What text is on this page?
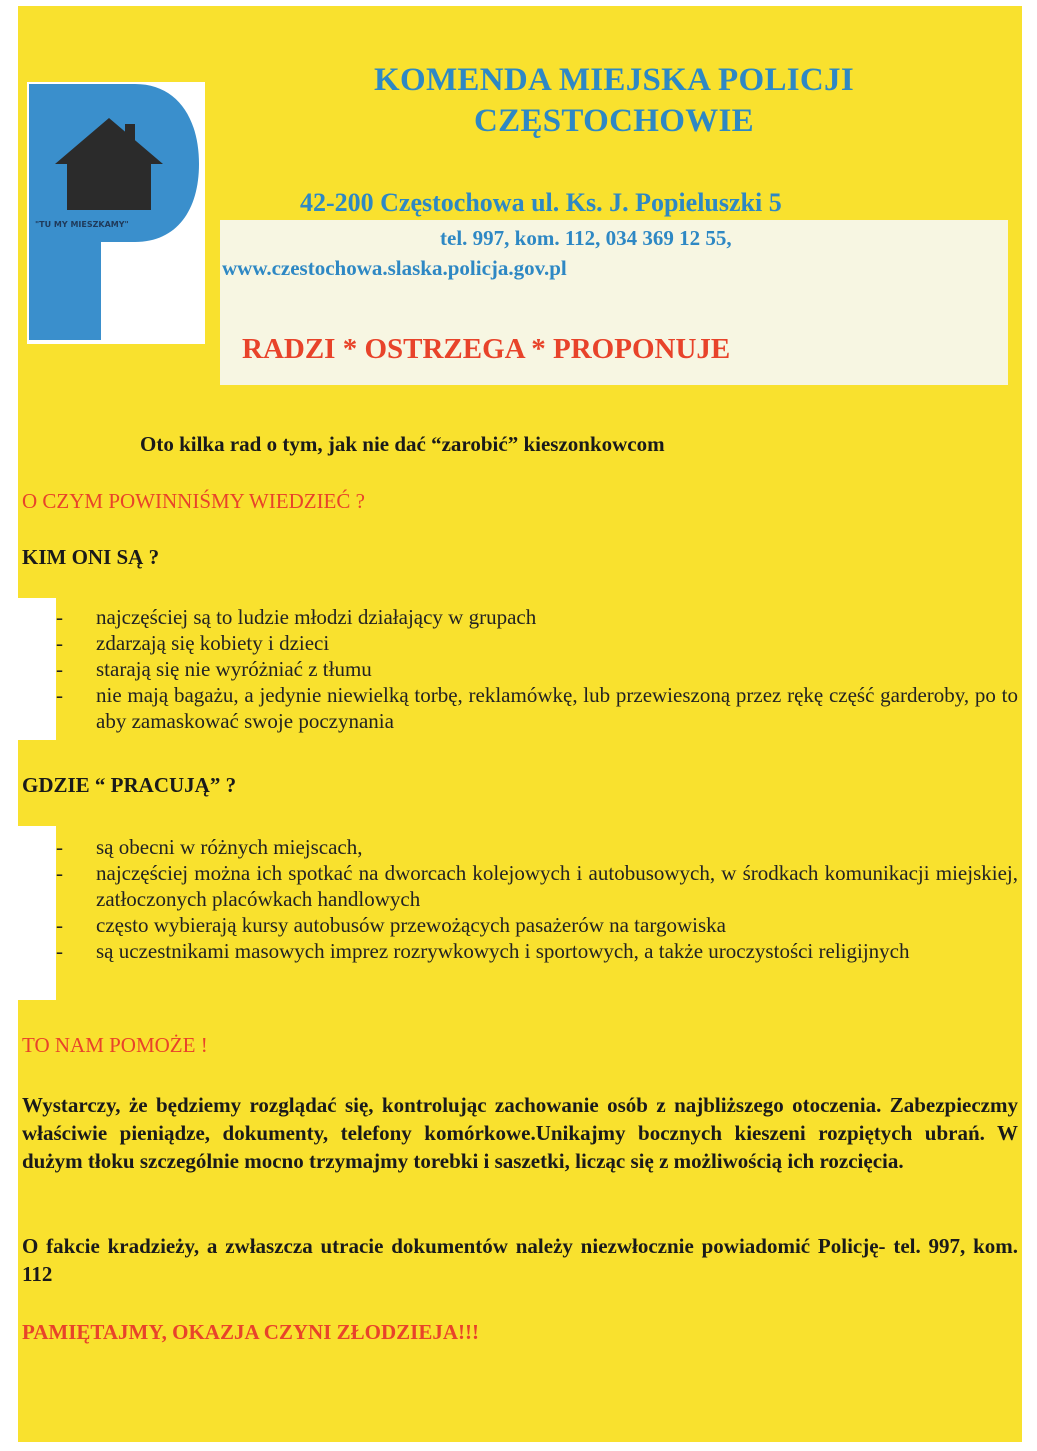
"TU MY MIESZKAMY"
KOMENDA MIEJSKA POLICJI
CZĘSTOCHOWIE
42-200 Częstochowa ul. Ks. J. Popieluszki 5
tel. 997, kom. 112, 034 369 12 55,
www.czestochowa.slaska.policja.gov.pl
RADZI * OSTRZEGA * PROPONUJE
Oto kilka rad o tym, jak nie dać “zarobić” kieszonkowcom
O CZYM POWINNIŚMY WIEDZIEĆ ?
KIM ONI SĄ ?
- najczęściej są to ludzie młodzi działający w grupach
- zdarzają się kobiety i dzieci
- starają się nie wyróżniać z tłumu
- nie mają bagażu, a jedynie niewielką torbę, reklamówkę, lub przewieszoną przez rękę część garderoby, po to aby zamaskować swoje poczynania
GDZIE “ PRACUJĄ” ?
- są obecni w różnych miejscach,
- najczęściej można ich spotkać na dworcach kolejowych i autobusowych, w środkach komunikacji miejskiej, zatłoczonych placówkach handlowych
- często wybierają kursy autobusów przewożących pasażerów na targowiska
- są uczestnikami masowych imprez rozrywkowych i sportowych, a także uroczystości religijnych
TO NAM POMOŻE !

Wystarczy, że będziemy rozglądać się, kontrolując zachowanie osób z najbliższego otoczenia. Zabezpieczmy właściwie pieniądze, dokumenty, telefony komórkowe.Unikajmy bocznych kieszeni rozpiętych ubrań. W dużym tłoku szczególnie mocno trzymajmy torebki i saszetki, licząc się z możliwością ich rozcięcia.

O fakcie kradzieży, a zwłaszcza utracie dokumentów należy niezwłocznie powiadomić Policję- tel. 997, kom. 112

PAMIĘTAJMY, OKAZJA CZYNI ZŁODZIEJA!!!
